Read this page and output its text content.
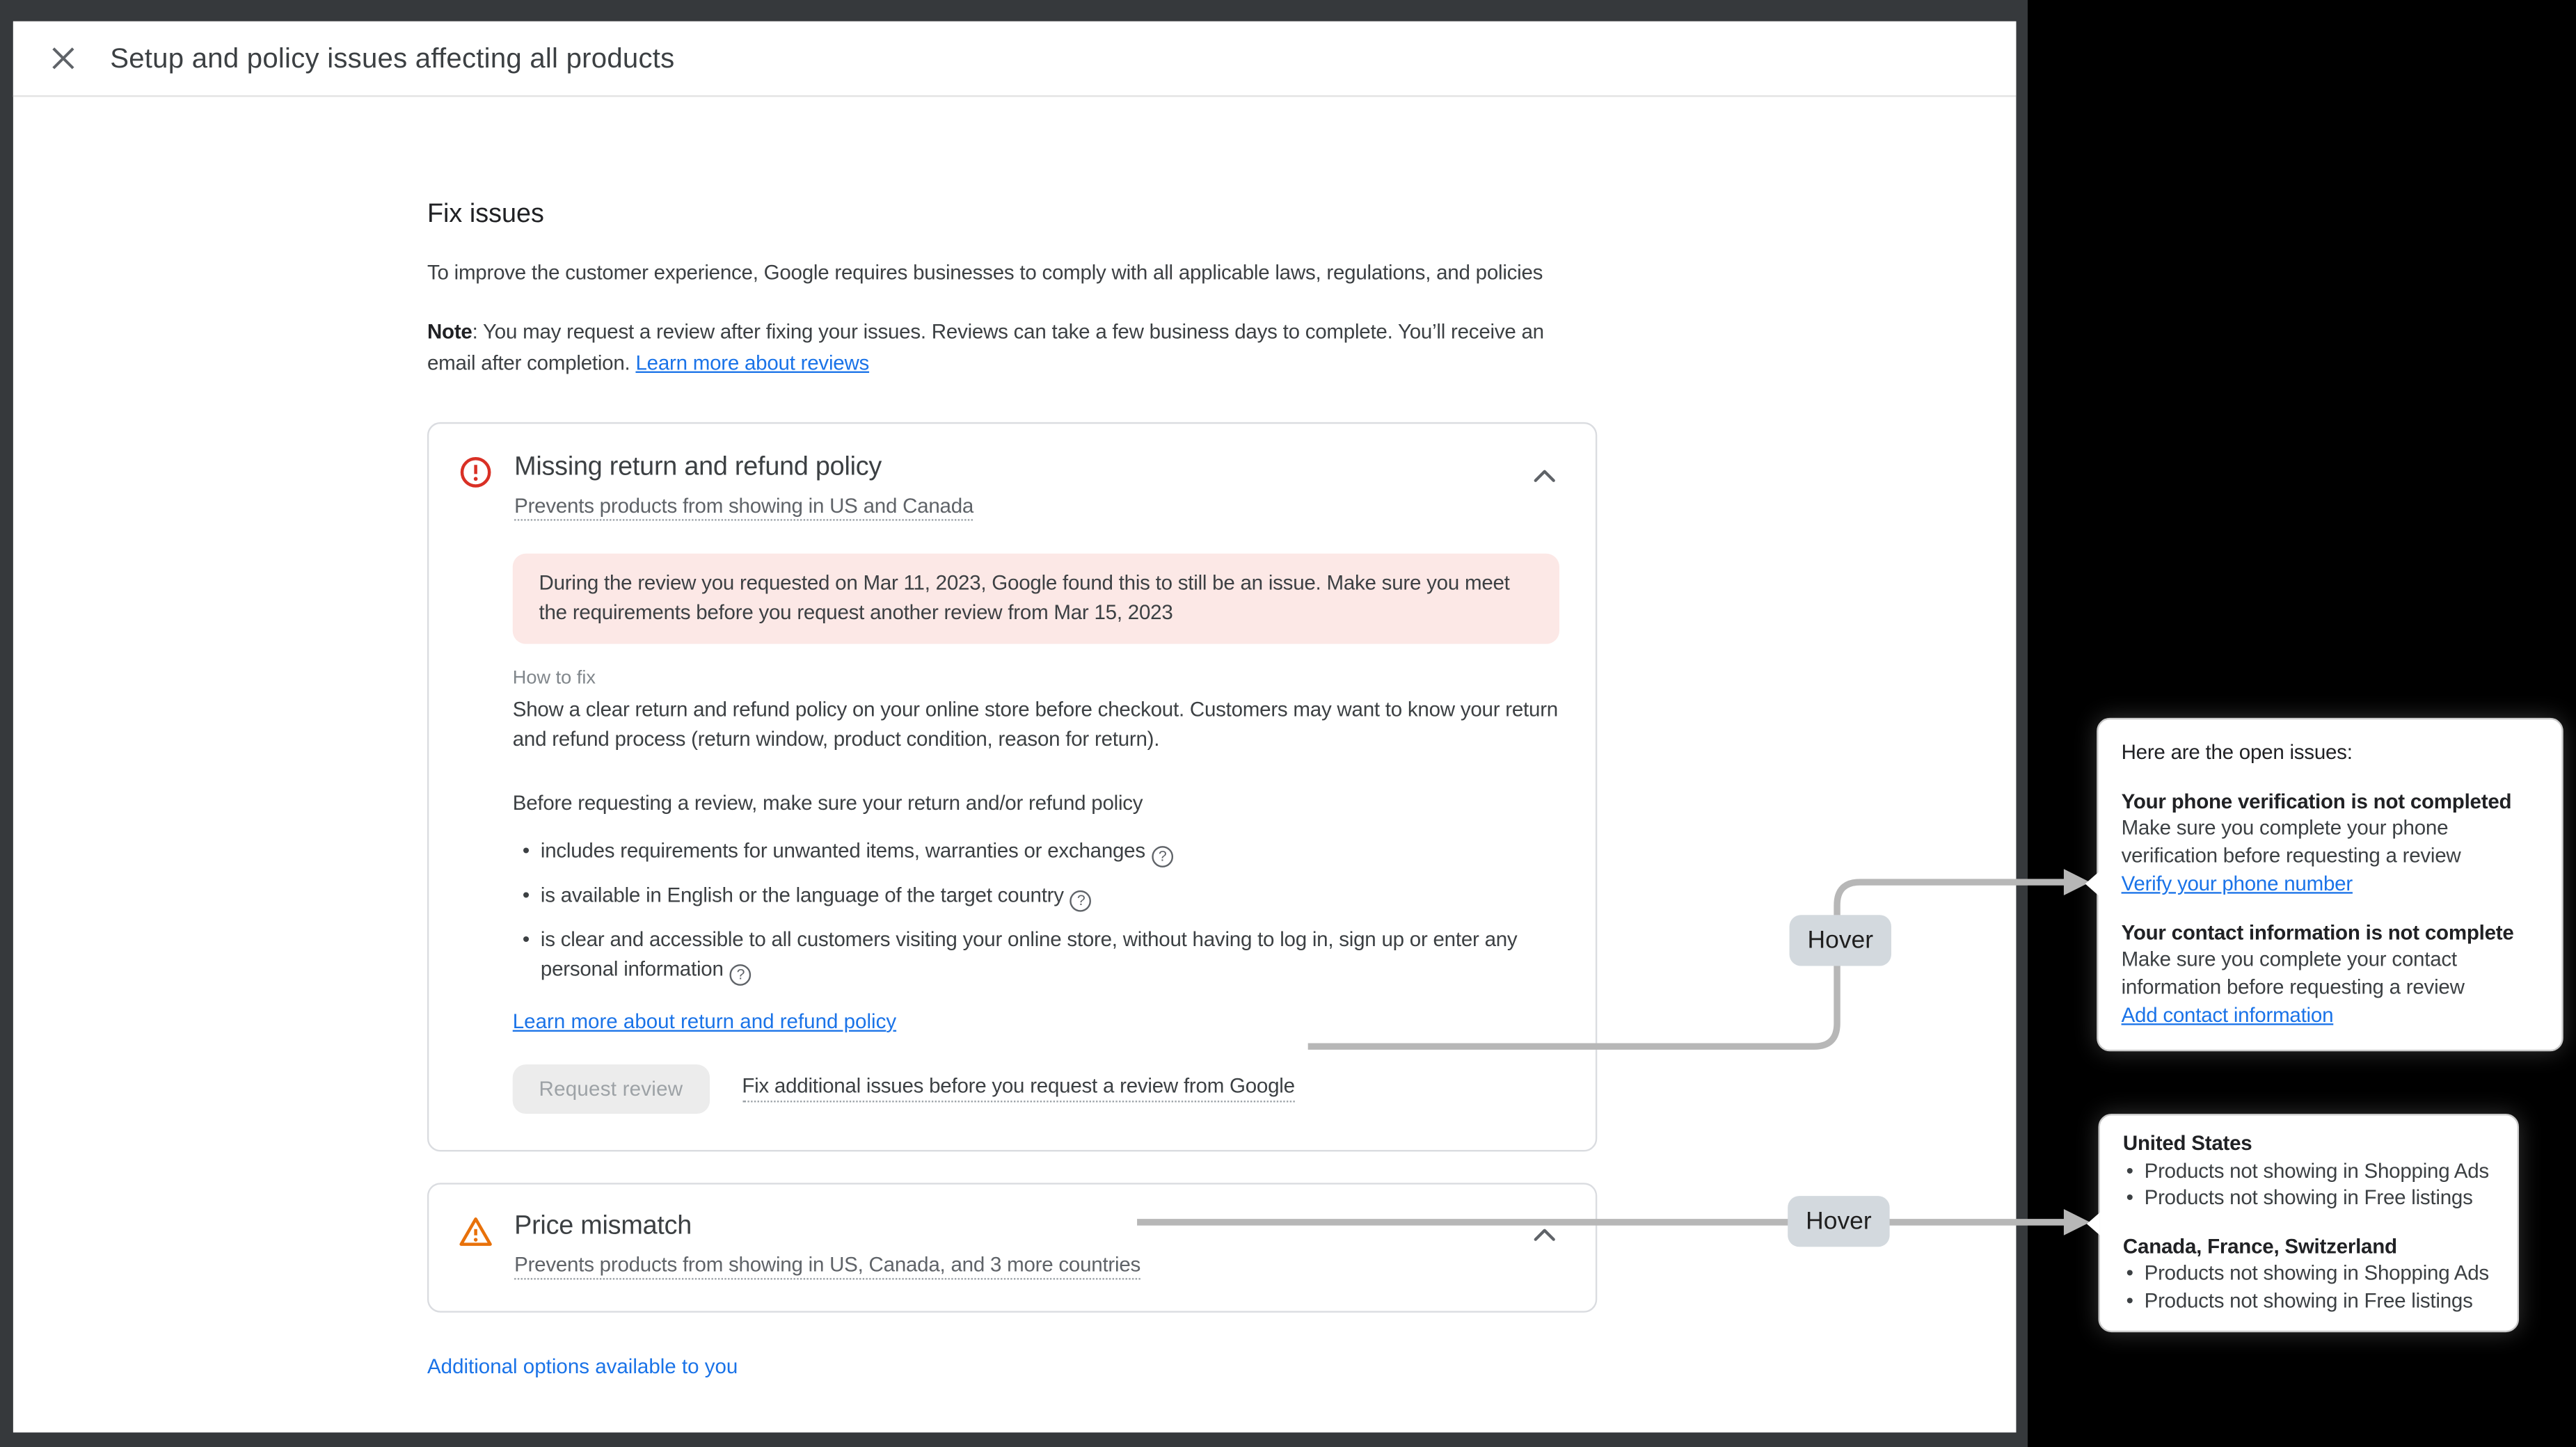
Setup and policy issues affecting all products
Fix issues

To improve the customer experience, Google requires businesses to comply with all applicable laws, regulations, and policies

Note: You may request a review after fixing your issues. Reviews can take a few business days to complete. You’ll receive an email after completion. Learn more about reviews

Missing return and refund policy
Prevents products from showing in US and Canada
During the review you requested on Mar 11, 2023, Google found this to still be an issue. Make sure you meet the requirements before you request another review from Mar 15, 2023
How to fix

Show a clear return and refund policy on your online store before checkout. Customers may want to know your return and refund process (return window, product condition, reason for return).

Before requesting a review, make sure your return and/or refund policy

• includes requirements for unwanted items, warranties or exchanges ?
• is available in English or the language of the target country ?
• is clear and accessible to all customers visiting your online store, without having to log in, sign up or enter any personal information ?
Learn more about return and refund policy
Request review	Fix additional issues before you request a review from Google
Price mismatch
Prevents products from showing in US, Canada, and 3 more countries
Additional options available to you
Hover
Hover
Here are the open issues:
Your phone verification is not completed
Make sure you complete your phone verification before requesting a review
Verify your phone number
Your contact information is not complete
Make sure you complete your contact information before requesting a review
Add contact information
United States
• Products not showing in Shopping Ads
• Products not showing in Free listings
Canada, France, Switzerland
• Products not showing in Shopping Ads
• Products not showing in Free listings
